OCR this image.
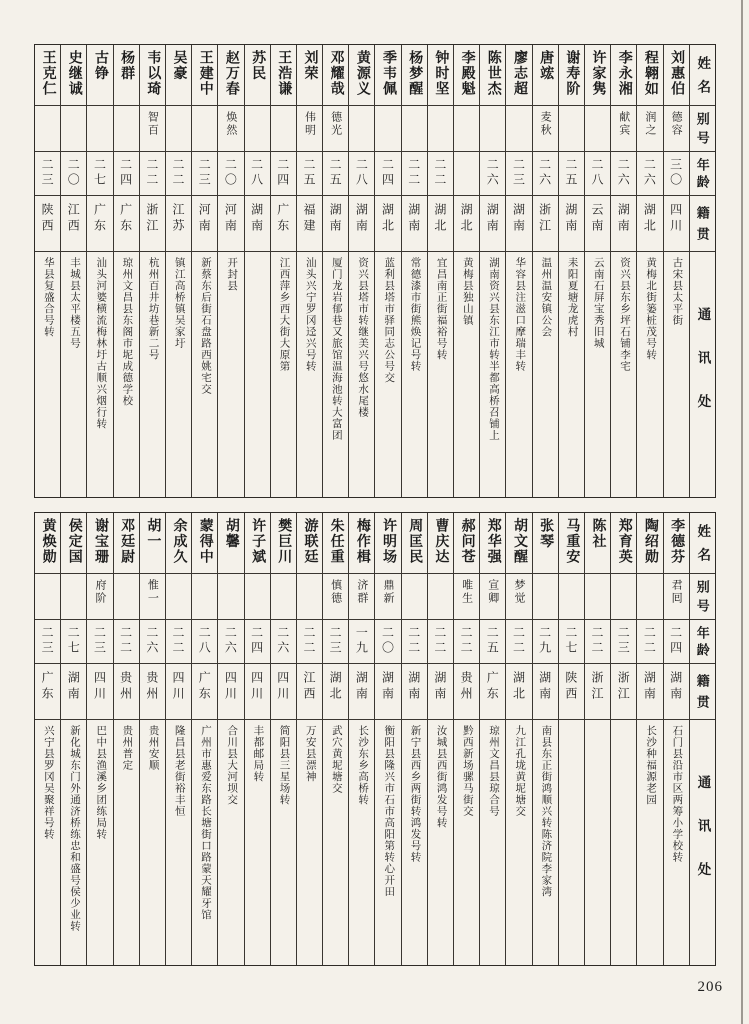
王克仁
二三
陕西
华县复盛合号转
史继诚
二〇
江西
丰城县太平楼五号
古铮
二七
广东
汕头河婆横流梅林圩古顺兴烟行转
杨群
二四
广东
琼州文昌县东阁市坭成德学校
韦以琦
智百
二二
浙江
杭州百井坊巷新二号
吴豪
二二
江苏
镇江高桥镇吴家圩
王建中
二三
河南
新蔡东后街石盘路西姚宅交
赵万春
焕然
二〇
河南
开封县
苏民
二八
湖南
王浩谦
二四
广东
江西萍乡西大街大原第
刘荣
伟明
二五
福建
汕头兴宁罗冈迳兴号转
邓耀哉
德光
二五
湖南
厦门龙岩郁巷又旅馆温海池转大富团
黄源义
二八
湖南
资兴县塔市转继美兴号悠水尾楼
季韦佩
二四
湖北
蓝利县塔市驿同志公号交
杨梦醒
二二
湖南
常德漆市街熊焕记号转
钟时坚
二二
湖北
宜昌南正街福裕号转
李殿魁
湖北
黄梅县独山镇
陈世杰
二六
湖南
湖南资兴县东江市转半都高桥召铺上
廖志超
二三
湖南
华容县注滋口摩瑞丰转
唐竤
麦秋
二六
浙江
温州温安镇公会
谢寿阶
二五
湖南
耒阳夏塘龙虎村
许家隽
二八
云南
云南石屏宝秀旧城
李永湘
献宾
二六
湖南
资兴县东乡坪石铺李宅
程翱如
润之
二六
湖北
黄梅北街篓桩茂号转
刘惠伯
德容
三〇
四川
古宋县太平街
姓名
别号
年龄
籍贯
通讯处
黄焕勋
二三
广东
兴宁县罗冈吴聚祥号转
侯定国
二七
湖南
新化城东门外通济桥练忠和盛号侯少业转
谢宝珊
府阶
二三
四川
巴中县渔溪乡团练局转
邓廷尉
二二
贵州
贵州普定
胡一
惟一
二六
贵州
贵州安顺
余成久
二二
四川
隆昌县老街裕丰恒
蒙得中
二八
广东
广州市惠爱东路长塘街口路蒙天耀牙馆
胡馨
二六
四川
合川县大河坝交
许子斌
二四
四川
丰都邮局转
樊巨川
二六
四川
简阳县三星场转
游联廷
二二
江西
万安县漂神
朱任重
慎德
二三
湖北
武穴黄坭塘交
梅作楫
济群
一九
湖南
长沙东乡高桥转
许明场
鼎新
二〇
湖南
衡阳县隆兴市石市高阳第转心开田
周匡民
二二
湖南
新宁县西乡两街转鸿发号转
曹庆达
二二
湖南
汝城县西街鸿发号转
郝问苍
唯生
二二
贵州
黔西新场骡马街交
郑华强
宣卿
二五
广东
琼州文昌县琼合号
胡文醒
梦觉
二二
湖北
九江孔垅黄坭塘交
张琴
二九
湖南
南县东正街鸿顺兴转陈济院李家湾
马重安
二七
陕西
陈社
二二
浙江
郑育英
二三
浙江
陶绍勋
二二
湖南
长沙种福源老园
李德芬
君囘
二四
湖南
石门县沿市区两筹小学校转
姓名
别号
年龄
籍贯
通讯处
206
